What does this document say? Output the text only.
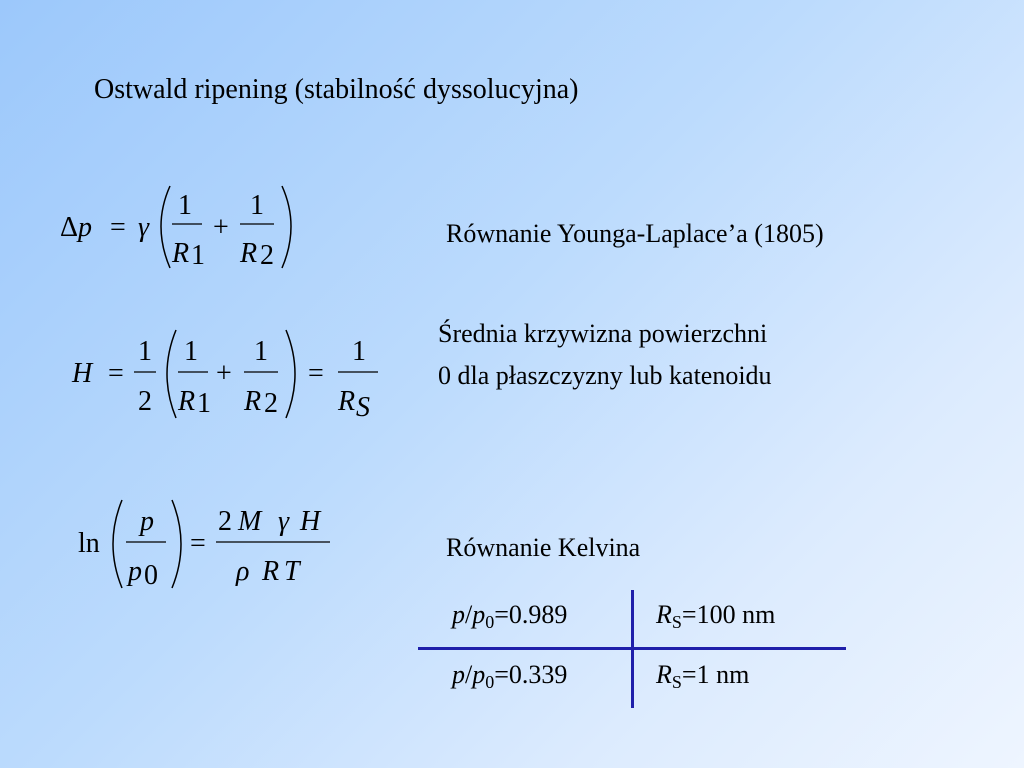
Ostwald ripening (stabilność dyssolucyjna)
Δp = γ
1
R 1
+
1
R 2
Równanie Younga-Laplace’a (1805)
H =
1
2
1
R 1
+
1
R 2
=
1
R S
Średnia krzywizna powierzchni
0 dla płaszczyzny lub katenoidu
ln
p
p 0
=
2 M γ H
ρ R T
Równanie Kelvina
$p/p_0=0.989$	$R_S=100$ nm
$p/p_0=0.339$	$R_S=1$ nm
